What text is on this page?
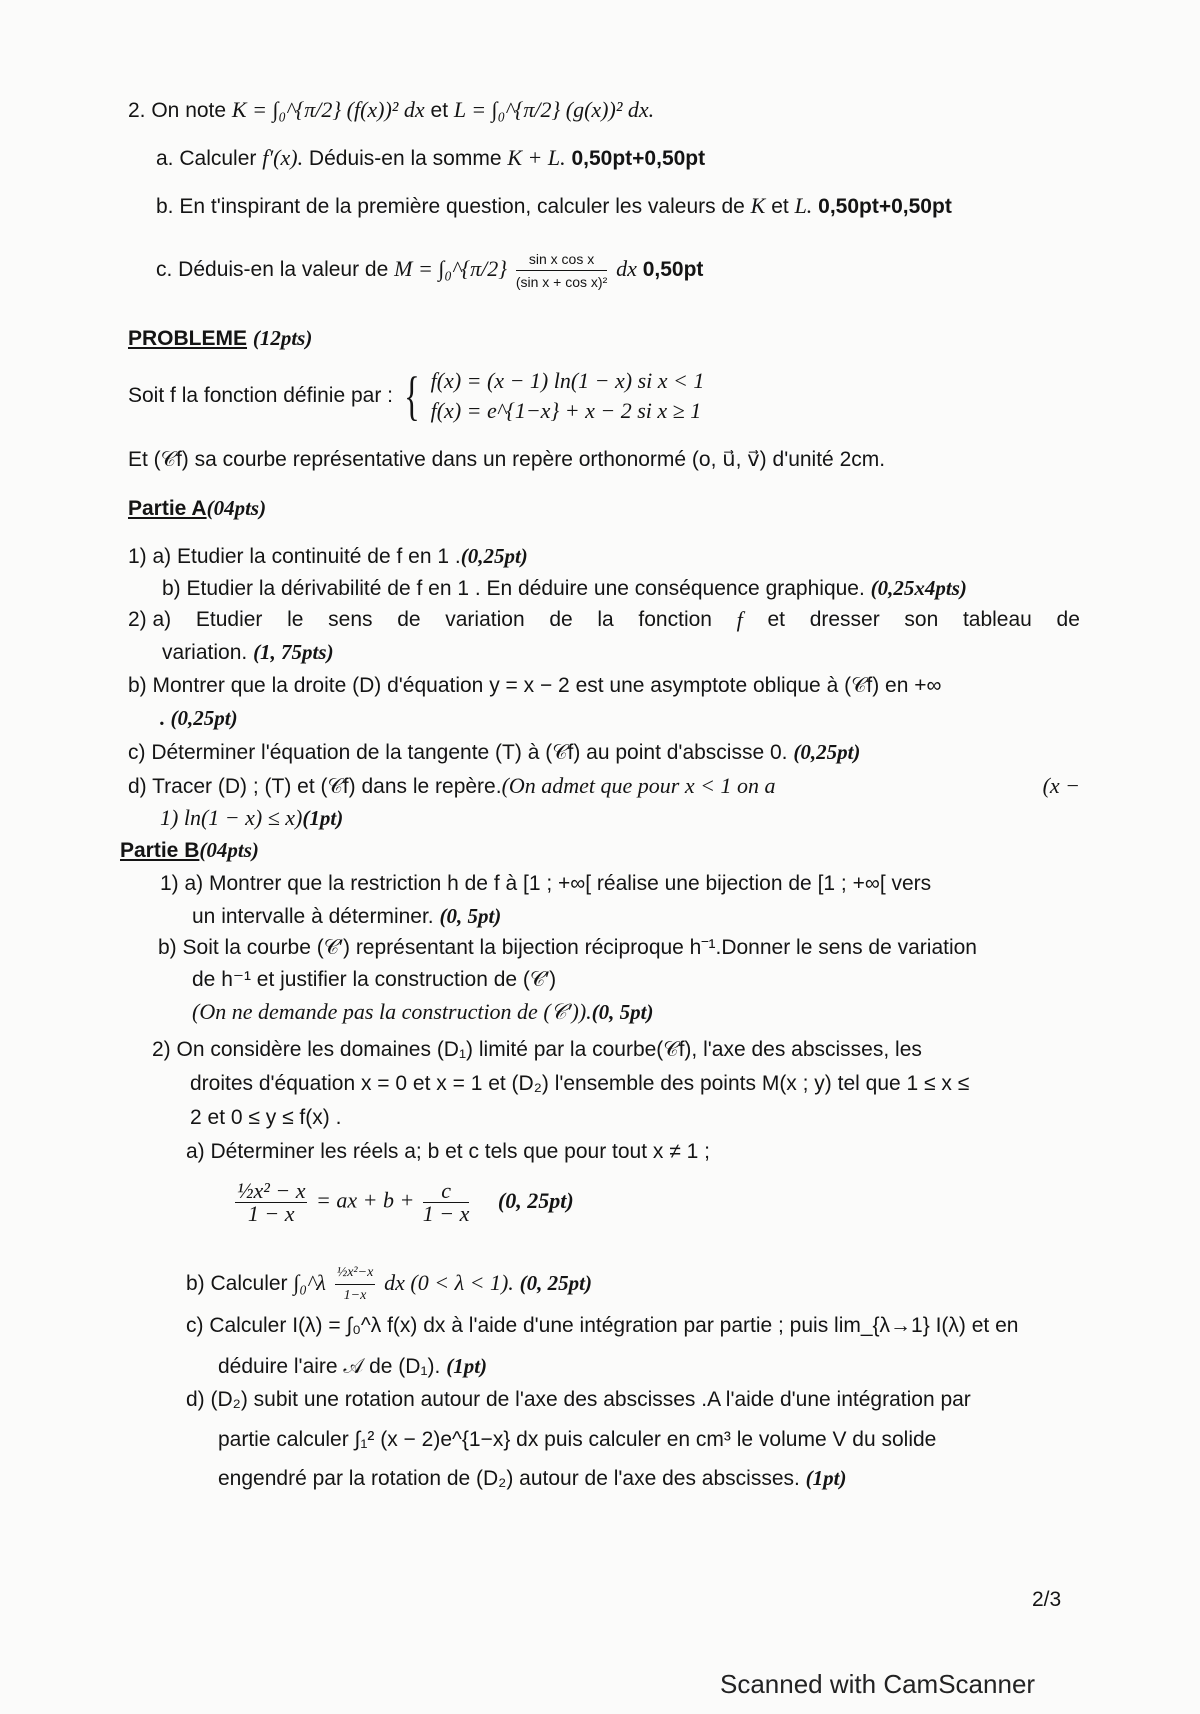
2. On note K = ∫₀^{π/2} (f(x))² dx et L = ∫₀^{π/2} (g(x))² dx.
a. Calculer f′(x). Déduis-en la somme K + L. 0,50pt+0,50pt
b. En t'inspirant de la première question, calculer les valeurs de K et L. 0,50pt+0,50pt
c. Déduis-en la valeur de M = ∫₀^{π/2} $\frac{\text{sin x cos x}}{\text{(sin x + cos x)²}}$ dx 0,50pt
PROBLEME (12pts)
Soit f la fonction définie par : { f(x) = (x − 1) ln(1 − x) si x < 1
f(x) = e^{1−x} + x − 2 si x ≥ 1
Et (𝒞f) sa courbe représentative dans un repère orthonormé (o, u⃗, v⃗) d'unité 2cm.
Partie A(04pts)
1) a) Etudier la continuité de f en 1 .(0,25pt)
b) Etudier la dérivabilité de f en 1 . En déduire une conséquence graphique. (0,25x4pts)
2) a) Etudier le sens de variation de la fonction f et dresser son tableau de
variation. (1, 75pts)
b) Montrer que la droite (D) d'équation y = x − 2 est une asymptote oblique à (𝒞f) en +∞
. (0,25pt)
c) Déterminer l'équation de la tangente (T) à (𝒞f) au point d'abscisse 0. (0,25pt)
d) Tracer (D) ; (T) et (𝒞f) dans le repère.(On admet que pour x < 1 on a	(x −
1) ln(1 − x) ≤ x)(1pt)
Partie B(04pts)
1) a) Montrer que la restriction h de f à [1 ; +∞[ réalise une bijection de [1 ; +∞[ vers
un intervalle à déterminer. (0, 5pt)
b) Soit la courbe (𝒞′) représentant la bijection réciproque h⁻¹.Donner le sens de variation
de h⁻¹ et justifier la construction de (𝒞′)
(On ne demande pas la construction de (𝒞′)).(0, 5pt)
2) On considère les domaines (D₁) limité par la courbe(𝒞f), l'axe des abscisses, les
droites d'équation x = 0 et x = 1 et (D₂) l'ensemble des points M(x ; y) tel que 1 ≤ x ≤
2 et 0 ≤ y ≤ f(x) .
a) Déterminer les réels a; b et c tels que pour tout x ≠ 1 ;
$\frac{\text{½x² − x}}{1 - x}$ = ax + $b + \frac{c}{1 - x} (0$, 25pt)
b) Calculer ∫₀^λ $\frac{\text{½x²−x}}{1-x}$ dx (0 < λ < 1). (0, 25pt)
c) Calculer I(λ) = ∫₀^λ f(x) dx à l'aide d'une intégration par partie ; puis lim_{λ→1} I(λ) et en
déduire l'aire 𝒜 de (D₁). (1pt)
d) (D₂) subit une rotation autour de l'axe des abscisses .A l'aide d'une intégration par
partie calculer ∫₁² (x − 2)e^{1−x} dx puis calculer en cm³ le volume V du solide
engendré par la rotation de (D₂) autour de l'axe des abscisses. (1pt)
2/3
Scanned with CamScanner
